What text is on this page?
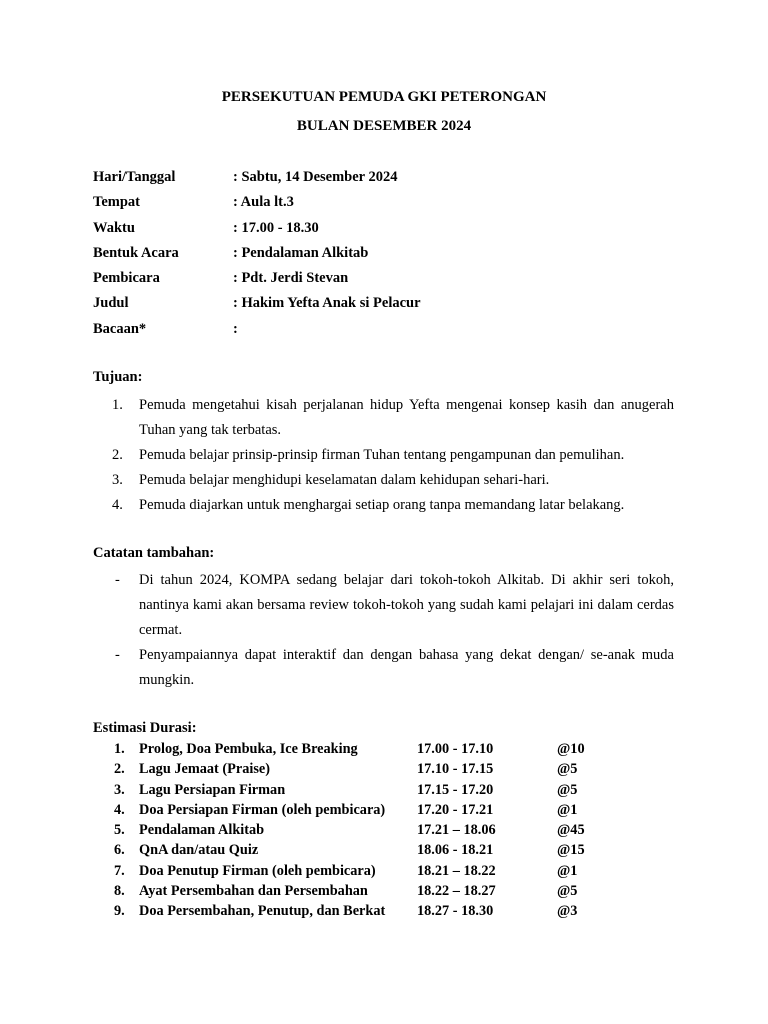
PERSEKUTUAN PEMUDA GKI PETERONGAN
BULAN DESEMBER 2024
Hari/Tanggal	: Sabtu, 14 Desember 2024
Tempat	: Aula lt.3
Waktu	: 17.00 - 18.30
Bentuk Acara	: Pendalaman Alkitab
Pembicara	: Pdt. Jerdi Stevan
Judul	: Hakim Yefta Anak si Pelacur
Bacaan*	:
Tujuan:
1.	Pemuda mengetahui kisah perjalanan hidup Yefta mengenai konsep kasih dan anugerah Tuhan yang tak terbatas.
2.	Pemuda belajar prinsip-prinsip firman Tuhan tentang pengampunan dan pemulihan.
3.	Pemuda belajar menghidupi keselamatan dalam kehidupan sehari-hari.
4.	Pemuda diajarkan untuk menghargai setiap orang tanpa memandang latar belakang.
Catatan tambahan:
- Di tahun 2024, KOMPA sedang belajar dari tokoh-tokoh Alkitab. Di akhir seri tokoh, nantinya kami akan bersama review tokoh-tokoh yang sudah kami pelajari ini dalam cerdas cermat.
- Penyampaiannya dapat interaktif dan dengan bahasa yang dekat dengan/ se-anak muda mungkin.
Estimasi Durasi:
1. Prolog, Doa Pembuka, Ice Breaking	17.00 - 17.10	@10
2. Lagu Jemaat (Praise)	17.10 - 17.15	@5
3. Lagu Persiapan Firman	17.15 - 17.20	@5
4. Doa Persiapan Firman (oleh pembicara) 17.20 - 17.21	@1
5. Pendalaman Alkitab	17.21 – 18.06	@45
6. QnA dan/atau Quiz	18.06 - 18.21	@15
7. Doa Penutup Firman (oleh pembicara)	18.21 – 18.22	@1
8. Ayat Persembahan dan Persembahan	18.22 – 18.27	@5
9. Doa Persembahan, Penutup, dan Berkat 18.27 - 18.30	@3
